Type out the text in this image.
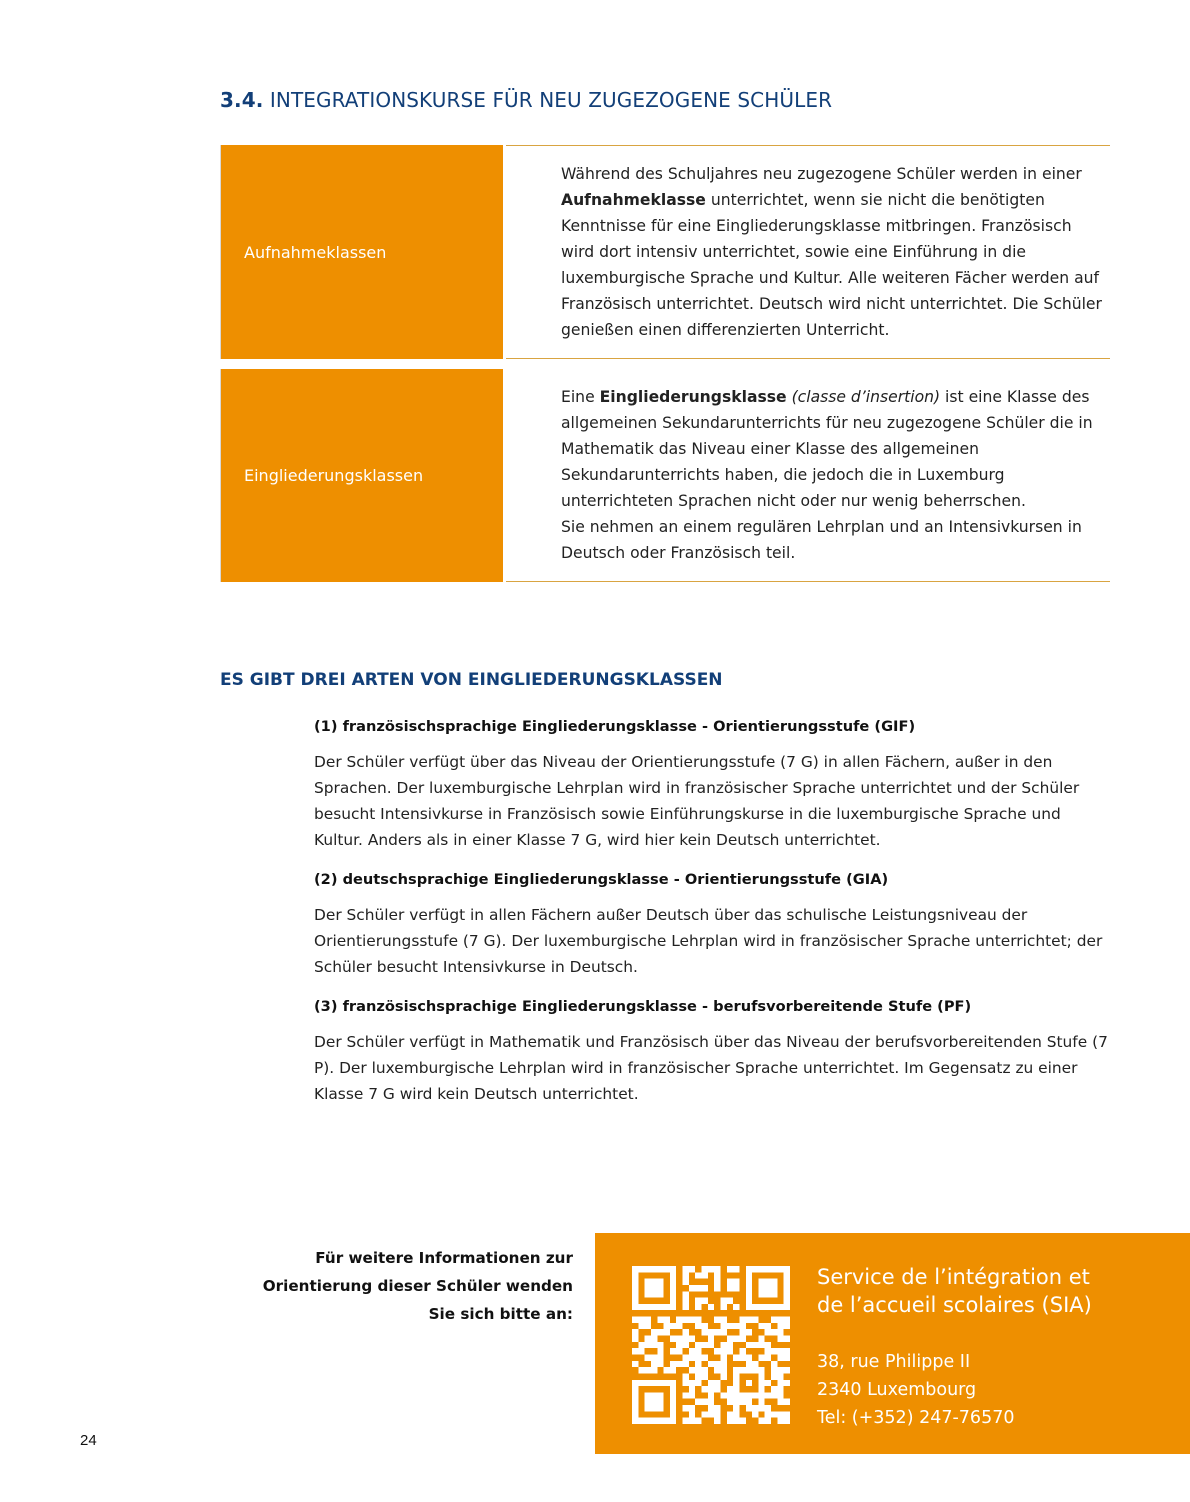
3.4. INTEGRATIONSKURSE FÜR NEU ZUGEZOGENE SCHÜLER
Aufnahmeklassen

Während des Schuljahres neu zugezogene Schüler werden in einer Aufnahmeklasse unterrichtet, wenn sie nicht die benötigten Kenntnisse für eine Eingliederungsklasse mitbringen. Französisch wird dort intensiv unterrichtet, sowie eine Einführung in die luxemburgische Sprache und Kultur. Alle weiteren Fächer werden auf Französisch unterrichtet. Deutsch wird nicht unterrichtet. Die Schüler genießen einen differenzierten Unterricht.

Eingliederungsklassen

Eine Eingliederungsklasse (classe d’insertion) ist eine Klasse des allgemeinen Sekundarunterrichts für neu zugezogene Schüler die in Mathematik das Niveau einer Klasse des allgemeinen Sekundarunterrichts haben, die jedoch die in Luxemburg unterrichteten Sprachen nicht oder nur wenig beherrschen.
Sie nehmen an einem regulären Lehrplan und an Intensivkursen in Deutsch oder Französisch teil.

ES GIBT DREI ARTEN VON EINGLIEDERUNGSKLASSEN

(1) französischsprachige Eingliederungsklasse - Orientierungsstufe (GIF)

Der Schüler verfügt über das Niveau der Orientierungsstufe (7 G) in allen Fächern, außer in den Sprachen. Der luxemburgische Lehrplan wird in französischer Sprache unterrichtet und der Schüler besucht Intensivkurse in Französisch sowie Einführungskurse in die luxemburgische Sprache und Kultur. Anders als in einer Klasse 7 G, wird hier kein Deutsch unterrichtet.

(2) deutschsprachige Eingliederungsklasse - Orientierungsstufe (GIA)

Der Schüler verfügt in allen Fächern außer Deutsch über das schulische Leistungsniveau der Orientierungsstufe (7 G). Der luxemburgische Lehrplan wird in französischer Sprache unterrichtet; der Schüler besucht Intensivkurse in Deutsch.

(3) französischsprachige Eingliederungsklasse - berufsvorbereitende Stufe (PF)

Der Schüler verfügt in Mathematik und Französisch über das Niveau der berufsvorbereitenden Stufe (7 P). Der luxemburgische Lehrplan wird in französischer Sprache unterrichtet. Im Gegensatz zu einer Klasse 7 G wird kein Deutsch unterrichtet.

Für weitere Informationen zur
Orientierung dieser Schüler wenden
Sie sich bitte an:

Service de l’intégration et
de l’accueil scolaires (SIA)

38, rue Philippe II
2340 Luxembourg
Tel: (+352) 247-76570

24
